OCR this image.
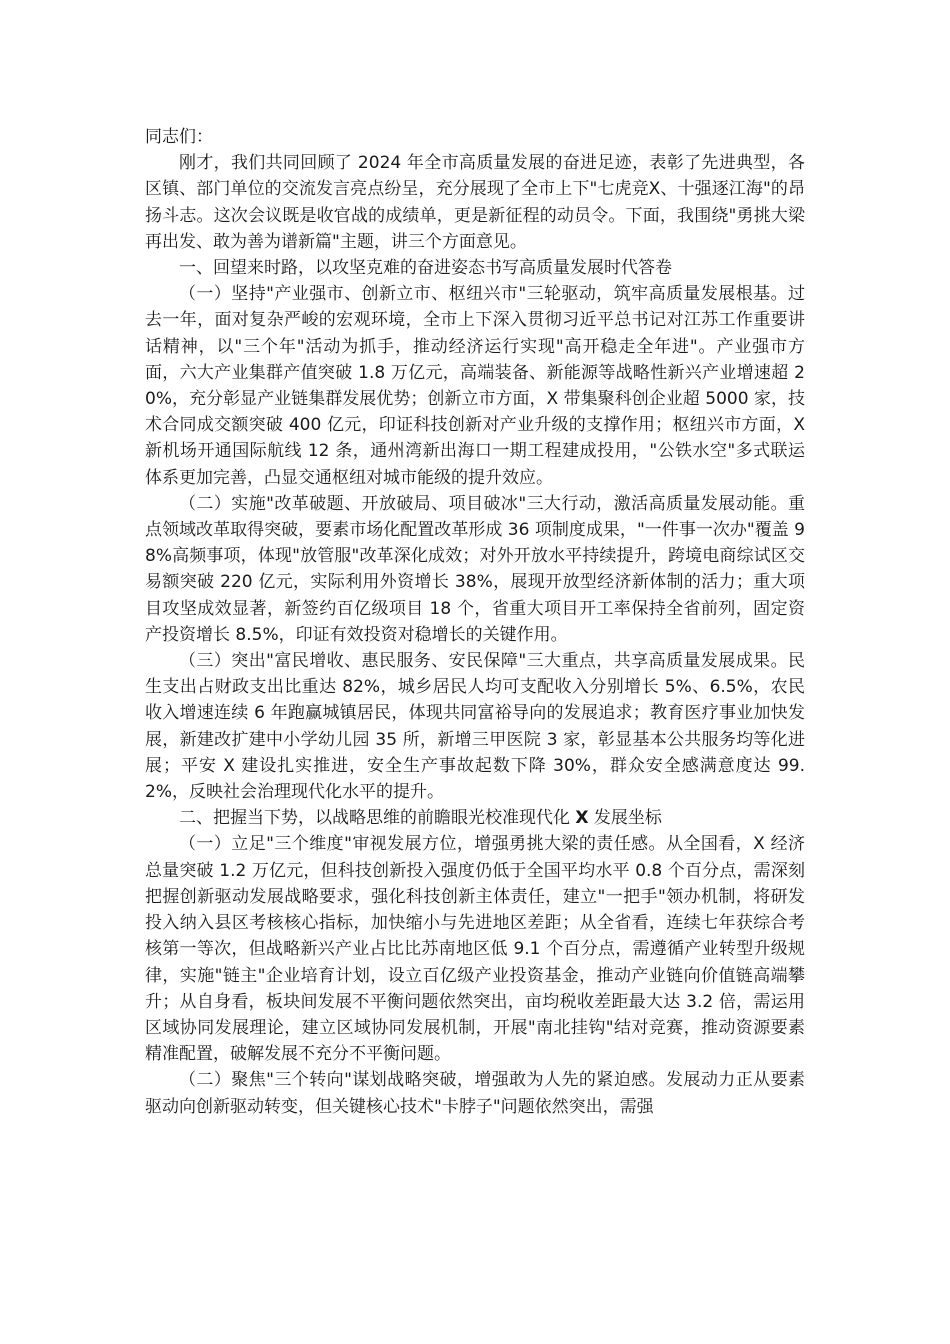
同志们：

刚才，我们共同回顾了 2024 年全市高质量发展的奋进足迹，表彰了先进典型，各区镇、部门单位的交流发言亮点纷呈，充分展现了全市上下"七虎竞X、十强逐江海"的昂扬斗志。这次会议既是收官战的成绩单，更是新征程的动员令。下面，我围绕"勇挑大梁再出发、敢为善为谱新篇"主题，讲三个方面意见。

一、回望来时路，以攻坚克难的奋进姿态书写高质量发展时代答卷

（一）坚持"产业强市、创新立市、枢纽兴市"三轮驱动，筑牢高质量发展根基。过去一年，面对复杂严峻的宏观环境，全市上下深入贯彻习近平总书记对江苏工作重要讲话精神，以"三个年"活动为抓手，推动经济运行实现"高开稳走全年进"。产业强市方面，六大产业集群产值突破 1.8 万亿元，高端装备、新能源等战略性新兴产业增速超 20%，充分彰显产业链集群发展优势；创新立市方面，X 带集聚科创企业超 5000 家，技术合同成交额突破 400 亿元，印证科技创新对产业升级的支撑作用；枢纽兴市方面，X 新机场开通国际航线 12 条，通州湾新出海口一期工程建成投用，"公铁水空"多式联运体系更加完善，凸显交通枢纽对城市能级的提升效应。

（二）实施"改革破题、开放破局、项目破冰"三大行动，激活高质量发展动能。重点领域改革取得突破，要素市场化配置改革形成 36 项制度成果，"一件事一次办"覆盖 98%高频事项，体现"放管服"改革深化成效；对外开放水平持续提升，跨境电商综试区交易额突破 220 亿元，实际利用外资增长 38%，展现开放型经济新体制的活力；重大项目攻坚成效显著，新签约百亿级项目 18 个，省重大项目开工率保持全省前列，固定资产投资增长 8.5%，印证有效投资对稳增长的关键作用。

（三）突出"富民增收、惠民服务、安民保障"三大重点，共享高质量发展成果。民生支出占财政支出比重达 82%，城乡居民人均可支配收入分别增长 5%、6.5%，农民收入增速连续 6 年跑赢城镇居民，体现共同富裕导向的发展追求；教育医疗事业加快发展，新建改扩建中小学幼儿园 35 所，新增三甲医院 3 家，彰显基本公共服务均等化进展；平安 X 建设扎实推进，安全生产事故起数下降 30%，群众安全感满意度达 99.2%，反映社会治理现代化水平的提升。

二、把握当下势，以战略思维的前瞻眼光校准现代化 X 发展坐标

（一）立足"三个维度"审视发展方位，增强勇挑大梁的责任感。从全国看，X 经济总量突破 1.2 万亿元，但科技创新投入强度仍低于全国平均水平 0.8 个百分点，需深刻把握创新驱动发展战略要求，强化科技创新主体责任，建立"一把手"领办机制，将研发投入纳入县区考核核心指标，加快缩小与先进地区差距；从全省看，连续七年获综合考核第一等次，但战略新兴产业占比比苏南地区低 9.1 个百分点，需遵循产业转型升级规律，实施"链主"企业培育计划，设立百亿级产业投资基金，推动产业链向价值链高端攀升；从自身看，板块间发展不平衡问题依然突出，亩均税收差距最大达 3.2 倍，需运用区域协同发展理论，建立区域协同发展机制，开展"南北挂钩"结对竞赛，推动资源要素精准配置，破解发展不充分不平衡问题。

（二）聚焦"三个转向"谋划战略突破，增强敢为人先的紧迫感。发展动力正从要素驱动向创新驱动转变，但关键核心技术"卡脖子"问题依然突出，需强
